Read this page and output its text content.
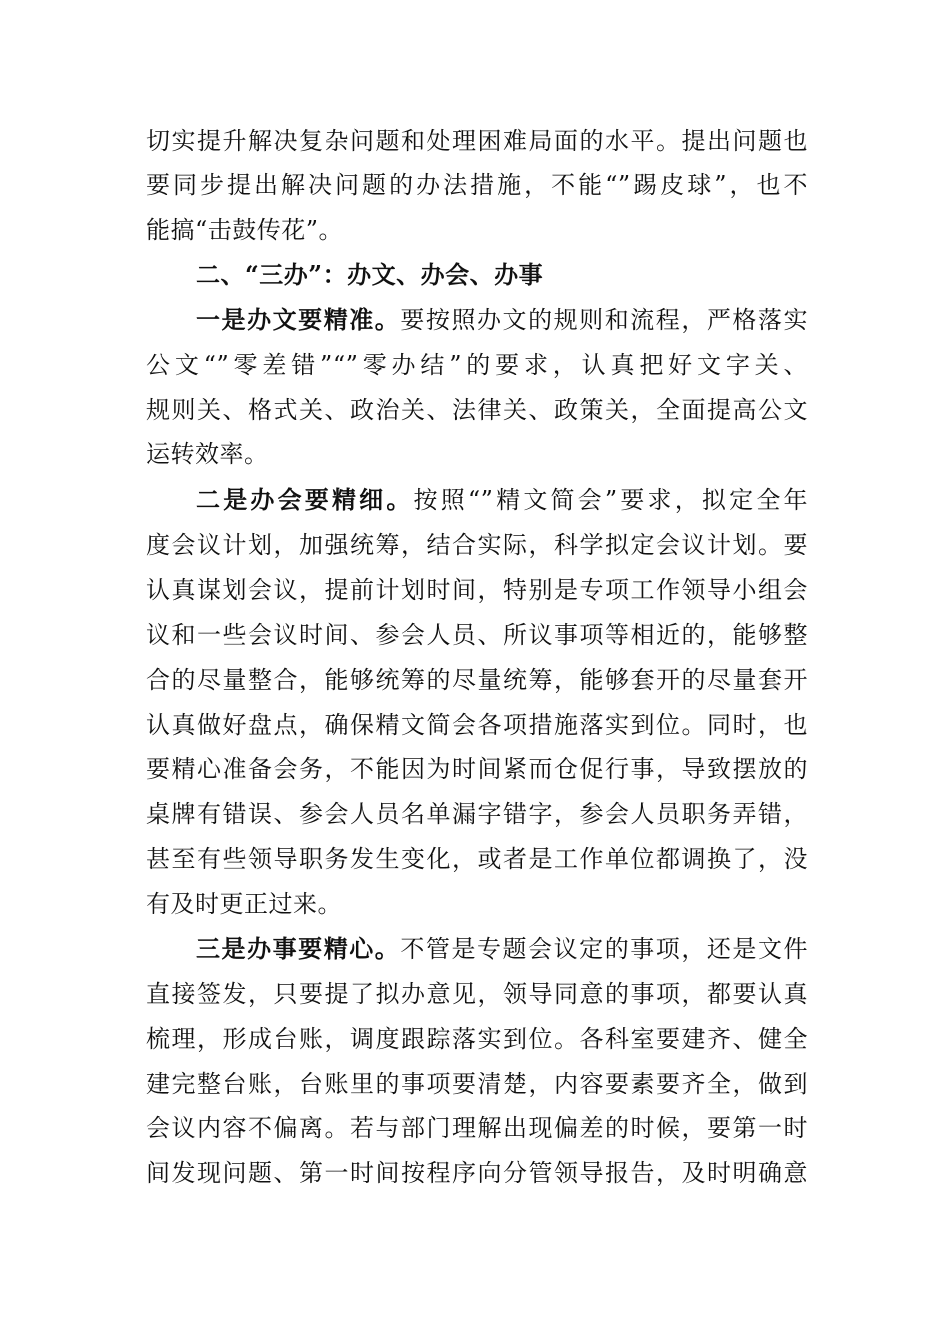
切实提升解决复杂问题和处理困难局面的水平。提出问题也
要同步提出解决问题的办法措施，不能“”踢皮球”，也不
能搞“击鼓传花”。
二、“三办”：办文、办会、办事
一是办文要精准。要按照办文的规则和流程，严格落实
公文“”零差错”“”零办结”的要求，认真把好文字关、
规则关、格式关、政治关、法律关、政策关，全面提高公文
运转效率。
二是办会要精细。按照“”精文简会”要求，拟定全年
度会议计划，加强统筹，结合实际，科学拟定会议计划。要
认真谋划会议，提前计划时间，特别是专项工作领导小组会
议和一些会议时间、参会人员、所议事项等相近的，能够整
合的尽量整合，能够统筹的尽量统筹，能够套开的尽量套开
认真做好盘点，确保精文简会各项措施落实到位。同时，也
要精心准备会务，不能因为时间紧而仓促行事，导致摆放的
桌牌有错误、参会人员名单漏字错字，参会人员职务弄错，
甚至有些领导职务发生变化，或者是工作单位都调换了，没
有及时更正过来。
三是办事要精心。不管是专题会议定的事项，还是文件
直接签发，只要提了拟办意见，领导同意的事项，都要认真
梳理，形成台账，调度跟踪落实到位。各科室要建齐、健全
建完整台账，台账里的事项要清楚，内容要素要齐全，做到
会议内容不偏离。若与部门理解出现偏差的时候，要第一时
间发现问题、第一时间按程序向分管领导报告，及时明确意
